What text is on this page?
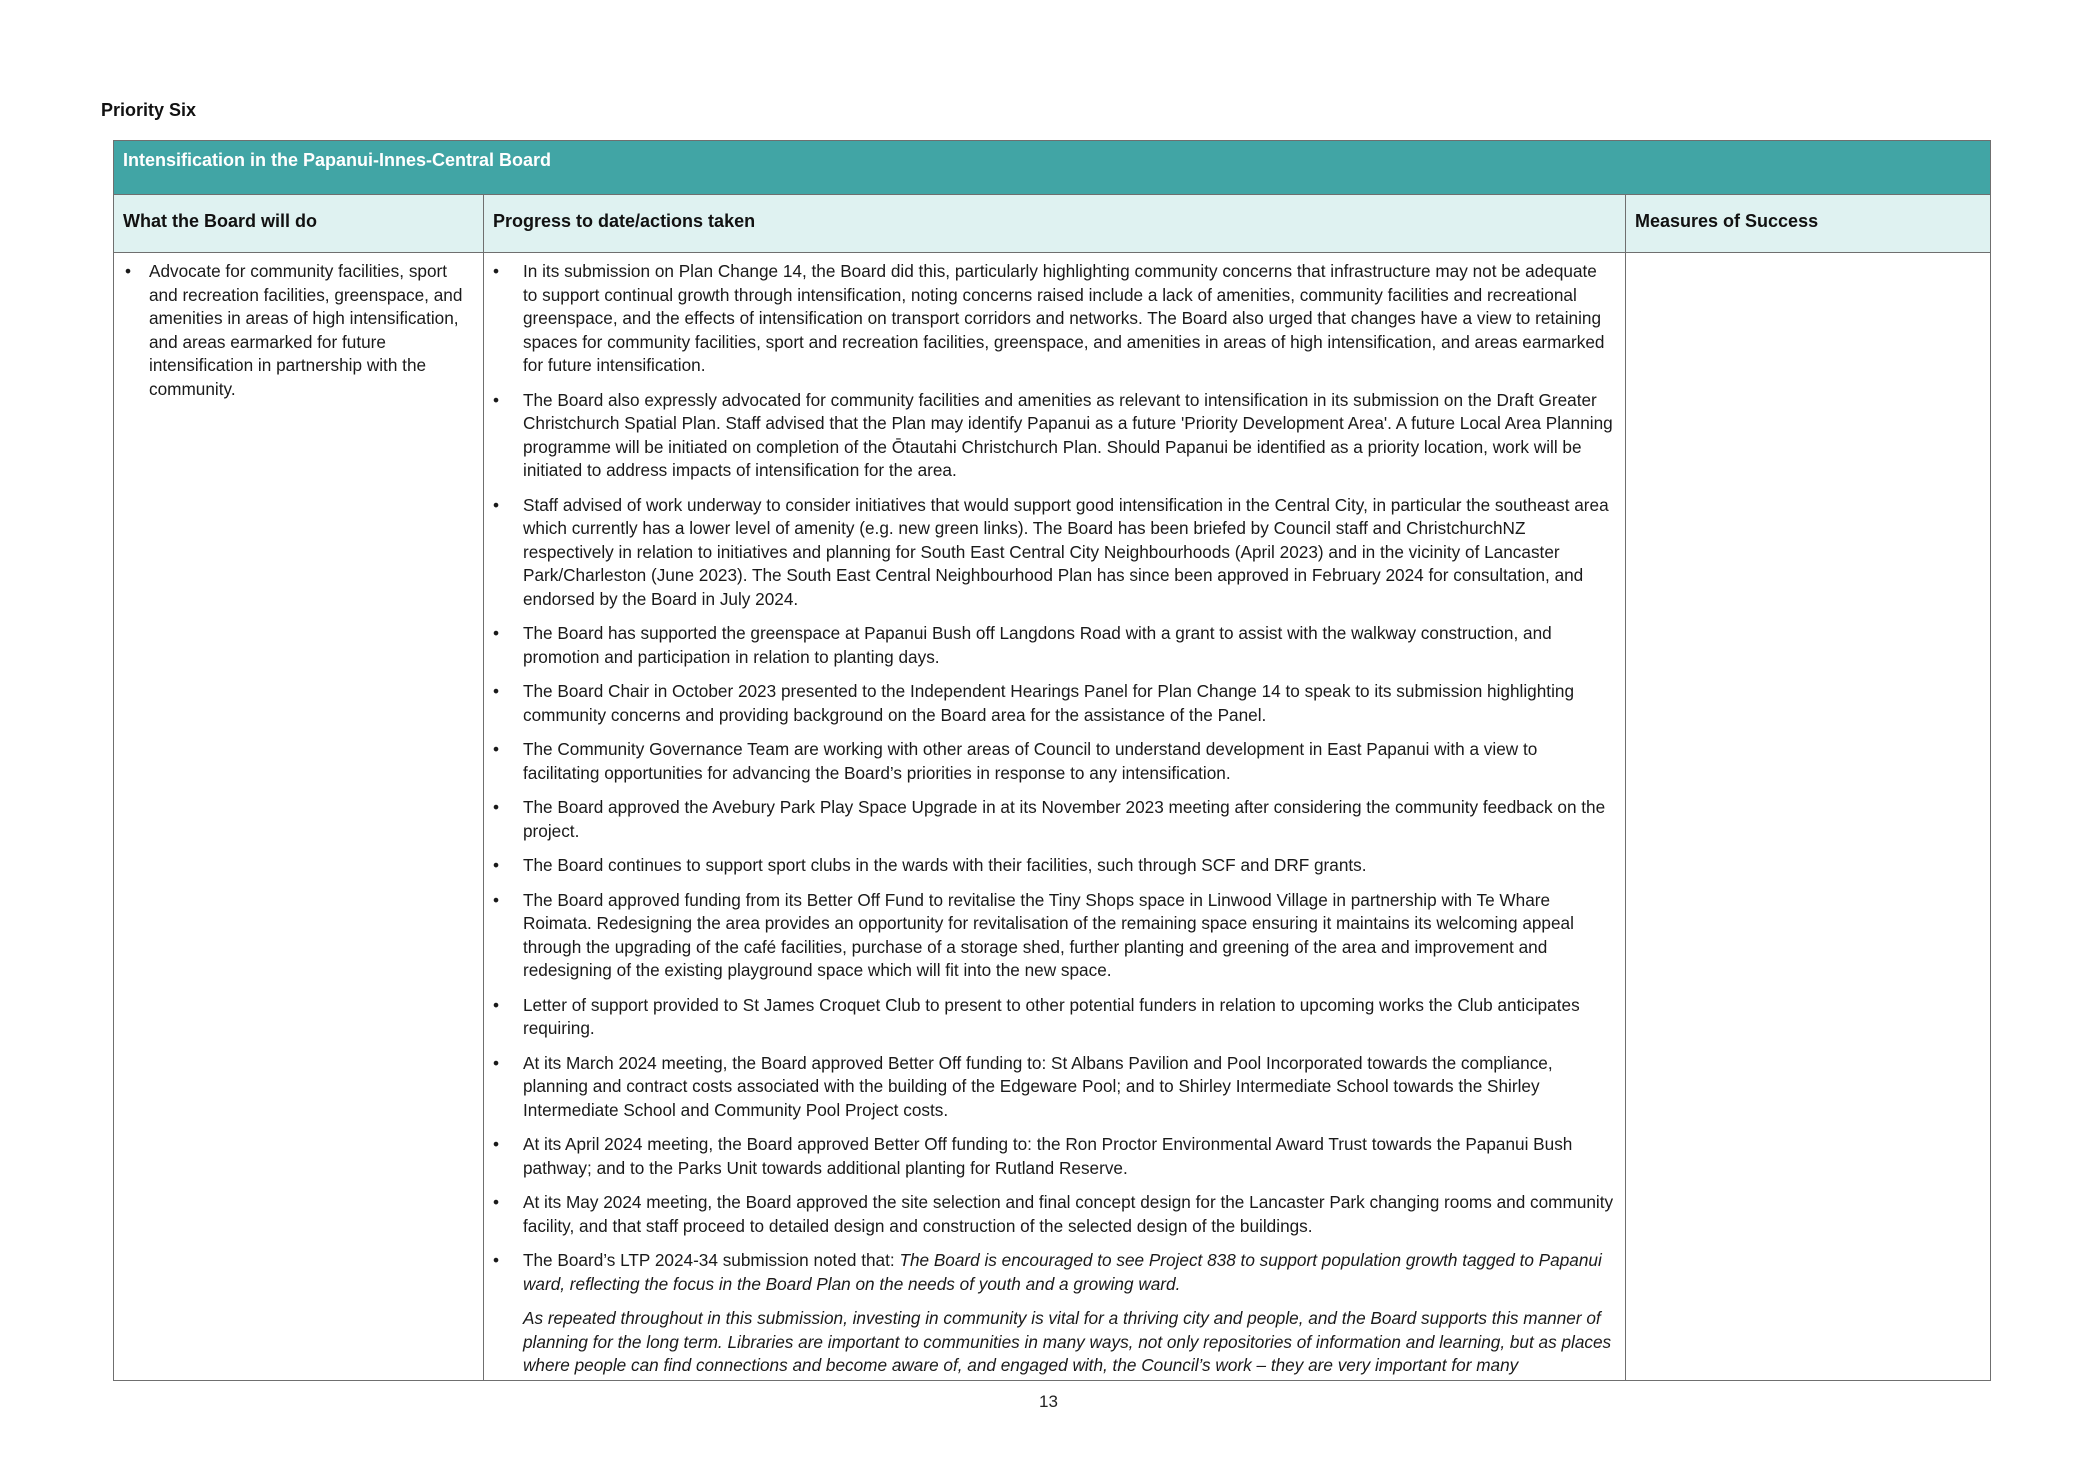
Priority Six
Intensification in the Papanui-Innes-Central Board
What the Board will do	Progress to date/actions taken	Measures of Success
• Advocate for community facilities, sport and recreation facilities, greenspace, and amenities in areas of high intensification, and areas earmarked for future intensification in partnership with the community.
• In its submission on Plan Change 14, the Board did this, particularly highlighting community concerns that infrastructure may not be adequate to support continual growth through intensification, noting concerns raised include a lack of amenities, community facilities and recreational greenspace, and the effects of intensification on transport corridors and networks. The Board also urged that changes have a view to retaining spaces for community facilities, sport and recreation facilities, greenspace, and amenities in areas of high intensification, and areas earmarked for future intensification.
• The Board also expressly advocated for community facilities and amenities as relevant to intensification in its submission on the Draft Greater Christchurch Spatial Plan. Staff advised that the Plan may identify Papanui as a future 'Priority Development Area'. A future Local Area Planning programme will be initiated on completion of the Ōtautahi Christchurch Plan. Should Papanui be identified as a priority location, work will be initiated to address impacts of intensification for the area.
• Staff advised of work underway to consider initiatives that would support good intensification in the Central City, in particular the southeast area which currently has a lower level of amenity (e.g. new green links). The Board has been briefed by Council staff and ChristchurchNZ respectively in relation to initiatives and planning for South East Central City Neighbourhoods (April 2023) and in the vicinity of Lancaster Park/Charleston (June 2023). The South East Central Neighbourhood Plan has since been approved in February 2024 for consultation, and endorsed by the Board in July 2024.
• The Board has supported the greenspace at Papanui Bush off Langdons Road with a grant to assist with the walkway construction, and promotion and participation in relation to planting days.
• The Board Chair in October 2023 presented to the Independent Hearings Panel for Plan Change 14 to speak to its submission highlighting community concerns and providing background on the Board area for the assistance of the Panel.
• The Community Governance Team are working with other areas of Council to understand development in East Papanui with a view to facilitating opportunities for advancing the Board’s priorities in response to any intensification.
• The Board approved the Avebury Park Play Space Upgrade in at its November 2023 meeting after considering the community feedback on the project.
• The Board continues to support sport clubs in the wards with their facilities, such through SCF and DRF grants.
• The Board approved funding from its Better Off Fund to revitalise the Tiny Shops space in Linwood Village in partnership with Te Whare Roimata. Redesigning the area provides an opportunity for revitalisation of the remaining space ensuring it maintains its welcoming appeal through the upgrading of the café facilities, purchase of a storage shed, further planting and greening of the area and improvement and redesigning of the existing playground space which will fit into the new space.
• Letter of support provided to St James Croquet Club to present to other potential funders in relation to upcoming works the Club anticipates requiring.
• At its March 2024 meeting, the Board approved Better Off funding to: St Albans Pavilion and Pool Incorporated towards the compliance, planning and contract costs associated with the building of the Edgeware Pool; and to Shirley Intermediate School towards the Shirley Intermediate School and Community Pool Project costs.
• At its April 2024 meeting, the Board approved Better Off funding to: the Ron Proctor Environmental Award Trust towards the Papanui Bush pathway; and to the Parks Unit towards additional planting for Rutland Reserve.
• At its May 2024 meeting, the Board approved the site selection and final concept design for the Lancaster Park changing rooms and community facility, and that staff proceed to detailed design and construction of the selected design of the buildings.
• The Board’s LTP 2024-34 submission noted that: The Board is encouraged to see Project 838 to support population growth tagged to Papanui ward, reflecting the focus in the Board Plan on the needs of youth and a growing ward.
As repeated throughout in this submission, investing in community is vital for a thriving city and people, and the Board supports this manner of planning for the long term. Libraries are important to communities in many ways, not only repositories of information and learning, but as places where people can find connections and become aware of, and engaged with, the Council’s work – they are very important for many
13
